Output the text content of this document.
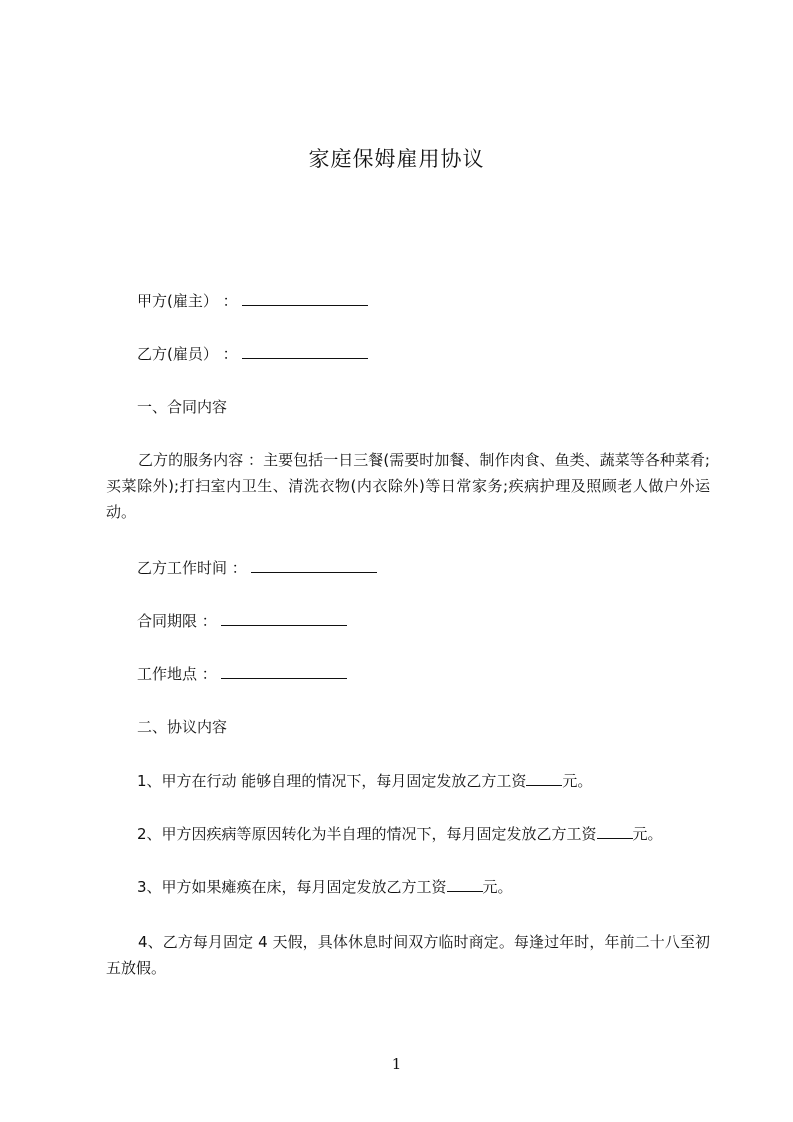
家庭保姆雇用协议
甲方(雇主） ：
乙方(雇员） ：
一、合同内容
乙方的服务内容 ：主要包括一日三餐(需要时加餐、制作肉食、鱼类、蔬菜等各种菜肴;买菜除外);打扫室内卫生、清洗衣物(内衣除外)等日常家务;疾病护理及照顾老人做户外运动。
乙方工作时间 ：
合同期限 ：
工作地点 ：
二、协议内容
1、甲方在行动 能够自理的情况下，每月固定发放乙方工资 元。
2、甲方因疾病等原因转化为半自理的情况下，每月固定发放乙方工资 元。
3、甲方如果瘫痪在床，每月固定发放乙方工资 元。
4、乙方每月固定 4 天假，具体休息时间双方临时商定。每逢过年时，年前二十八至初五放假。
1
